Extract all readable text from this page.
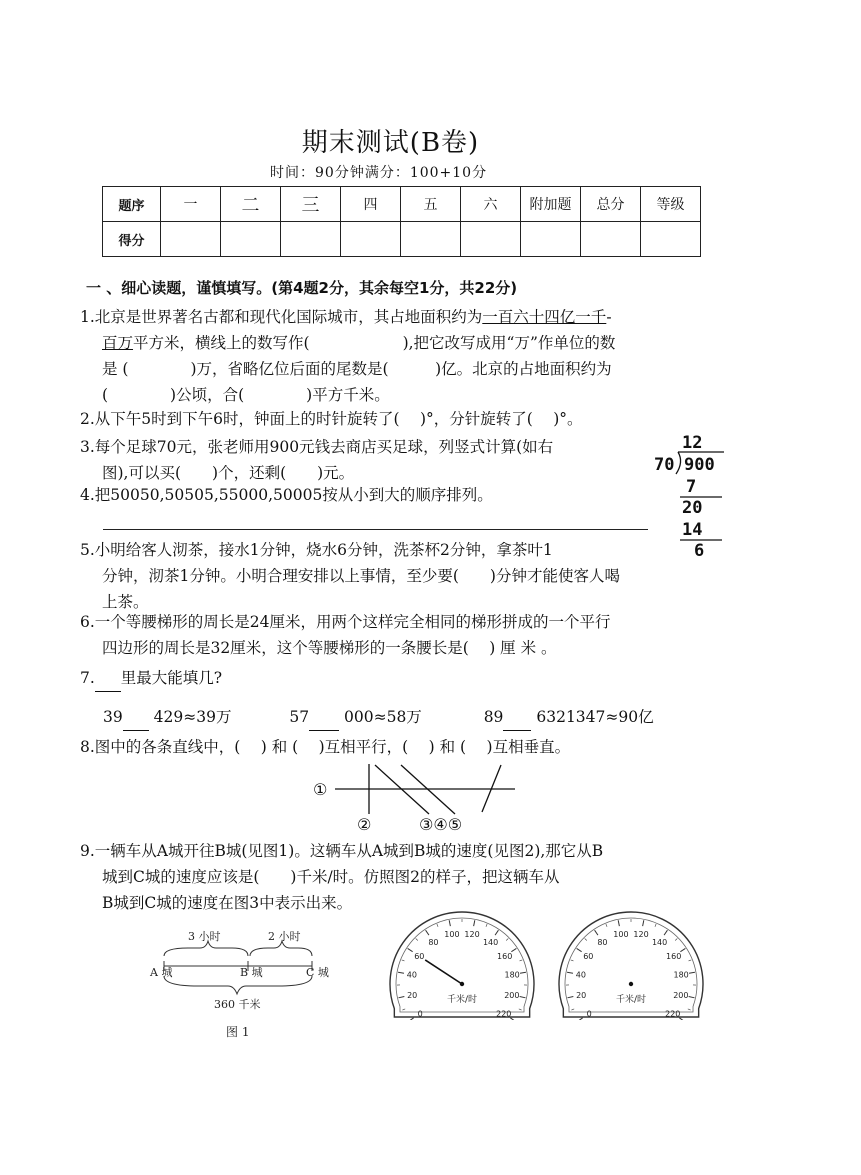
期末测试(B卷)
时间：90分钟满分：100+10分
题序	一	二	三	四	五	六	附加题	总分	等级
得分									
一 、细心读题，谨慎填写。(第4题2分，其余每空1分，共22分)
1.北京是世界著名古都和现代化国际城市，其占地面积约为一百六十四亿一千-
百万平方米，横线上的数写作(　　　　　　),把它改写成用“万”作单位的数
是 (　　　　)万，省略亿位后面的尾数是(　　　)亿。北京的占地面积约为
(　　　　)公顷，合(　　　　)平方千米。
2.从下午5时到下午6时，钟面上的时针旋转了(　 )°，分针旋转了(　 )°。
3.每个足球70元，张老师用900元钱去商店买足球，列竖式计算(如右
图),可以买(　　)个，还剩(　　)元。
12
70 900
7
20
14
6
4.把50050,50505,55000,50005按从小到大的顺序排列。
5.小明给客人沏茶，接水1分钟，烧水6分钟，洗茶杯2分钟，拿茶叶1
分钟，沏茶1分钟。小明合理安排以上事情，至少要(　　)分钟才能使客人喝
上茶。
6.一个等腰梯形的周长是24厘米，用两个这样完全相同的梯形拼成的一个平行
四边形的周长是32厘米，这个等腰梯形的一条腰长是(　 ) 厘 米 。
7. 里最大能填几?
39 429≈39万	57 000≈58万	89 6321347≈90亿
8.图中的各条直线中，(　 ) 和 (　 )互相平行，(　 ) 和 (　 )互相垂直。
①
②	③④⑤
9.一辆车从A城开往B城(见图1)。这辆车从A城到B城的速度(见图2),那它从B
城到C城的速度应该是(　　)千米/时。仿照图2的样子，把这辆车从
B城到C城的速度在图3中表示出来。
3 小时	2 小时
A 城	B 城	C 城
360 千米
图 1
0
20
40
60
80
100 120
140
160
180
200
220
千米/时
0
20
40
60
80
100 120
140
160
180
200
220
千米/时
